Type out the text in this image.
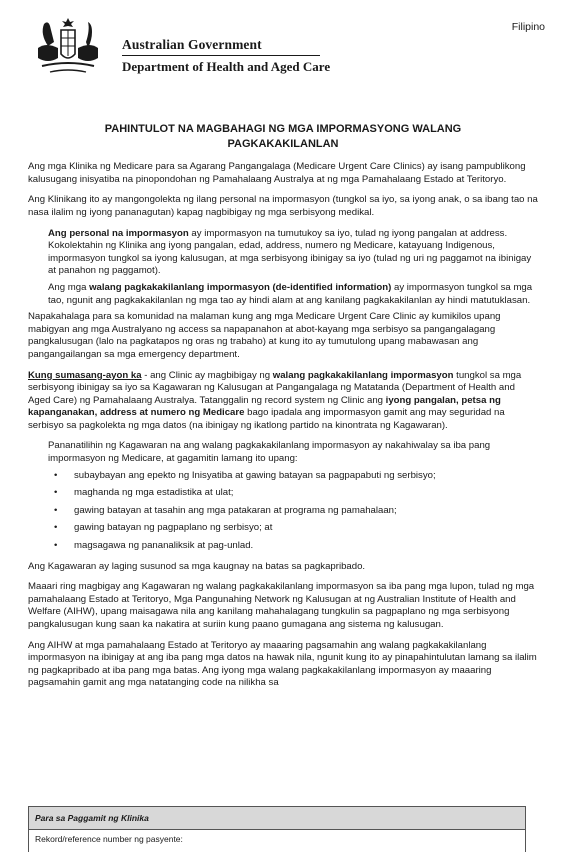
Australian Government
Department of Health and Aged Care
Filipino
PAHINTULOT NA MAGBAHAGI NG MGA IMPORMASYONG WALANG PAGKAKAKILANLAN

Ang mga Klinika ng Medicare para sa Agarang Pangangalaga (Medicare Urgent Care Clinics) ay isang pampublikong kalusugang inisyatiba na pinopondohan ng Pamahalaang Australya at ng mga Pamahalaang Estado at Teritoryo.

Ang Klinikang ito ay mangongolekta ng ilang personal na impormasyon (tungkol sa iyo, sa iyong anak, o sa ibang tao na nasa ilalim ng iyong pananagutan) kapag nagbibigay ng mga serbisyong medikal.

Ang personal na impormasyon ay impormasyon na tumutukoy sa iyo, tulad ng iyong pangalan at address. Kokolektahin ng Klinika ang iyong pangalan, edad, address, numero ng Medicare, katayuang Indigenous, impormasyon tungkol sa iyong kalusugan, at mga serbisyong ibinigay sa iyo (tulad ng uri ng paggamot na ibinigay at panahon ng paggamot).

Ang mga walang pagkakakilanlang impormasyon (de-identified information) ay impormasyon tungkol sa mga tao, ngunit ang pagkakakilanlan ng mga tao ay hindi alam at ang kanilang pagkakakilanlan ay hindi matutuklasan.

Napakahalaga para sa komunidad na malaman kung ang mga Medicare Urgent Care Clinic ay kumikilos upang mabigyan ang mga Australyano ng access sa napapanahon at abot-kayang mga serbisyo sa pangangalagang pangkalusugan (lalo na pagkatapos ng oras ng trabaho) at kung ito ay tumutulong upang mabawasan ang pangangailangan sa mga emergency department.

Kung sumasang-ayon ka - ang Clinic ay magbibigay ng walang pagkakakilanlang impormasyon tungkol sa mga serbisyong ibinigay sa iyo sa Kagawaran ng Kalusugan at Pangangalaga ng Matatanda (Department of Health and Aged Care) ng Pamahalaang Australya. Tatanggalin ng record system ng Clinic ang iyong pangalan, petsa ng kapanganakan, address at numero ng Medicare bago ipadala ang impormasyon gamit ang may seguridad na serbisyo sa pagkolekta ng mga datos (na ibinigay ng ikatlong partido na kinontrata ng Kagawaran).

Pananatilihin ng Kagawaran na ang walang pagkakakilanlang impormasyon ay nakahiwalay sa iba pang impormasyon ng Medicare, at gagamitin lamang ito upang:

• subaybayan ang epekto ng Inisyatiba at gawing batayan sa pagpapabuti ng serbisyo;
• maghanda ng mga estadistika at ulat;
• gawing batayan at tasahin ang mga patakaran at programa ng pamahalaan;
• gawing batayan ng pagpaplano ng serbisyo; at
• magsagawa ng pananaliksik at pag-unlad.

Ang Kagawaran ay laging susunod sa mga kaugnay na batas sa pagkapribado.

Maaari ring magbigay ang Kagawaran ng walang pagkakakilanlang impormasyon sa iba pang mga lupon, tulad ng mga pamahalaang Estado at Teritoryo, Mga Pangunahing Network ng Kalusugan at ng Australian Institute of Health and Welfare (AIHW), upang maisagawa nila ang kanilang mahahalagang tungkulin sa pagpaplano ng mga serbisyong pangkalusugan kung saan ka nakatira at suriin kung paano gumagana ang sistema ng kalusugan.

Ang AIHW at mga pamahalaang Estado at Teritoryo ay maaaring pagsamahin ang walang pagkakakilanlang impormasyon na ibinigay at ang iba pang mga datos na hawak nila, ngunit kung ito ay pinapahintulutan lamang sa ilalim ng pagkapribado at iba pang mga batas. Ang iyong mga walang pagkakakilanlang impormasyon ay maaaring pagsamahin gamit ang mga natatanging code na nilikha sa

Para sa Paggamit ng Klinika
Rekord/reference number ng pasyente:
